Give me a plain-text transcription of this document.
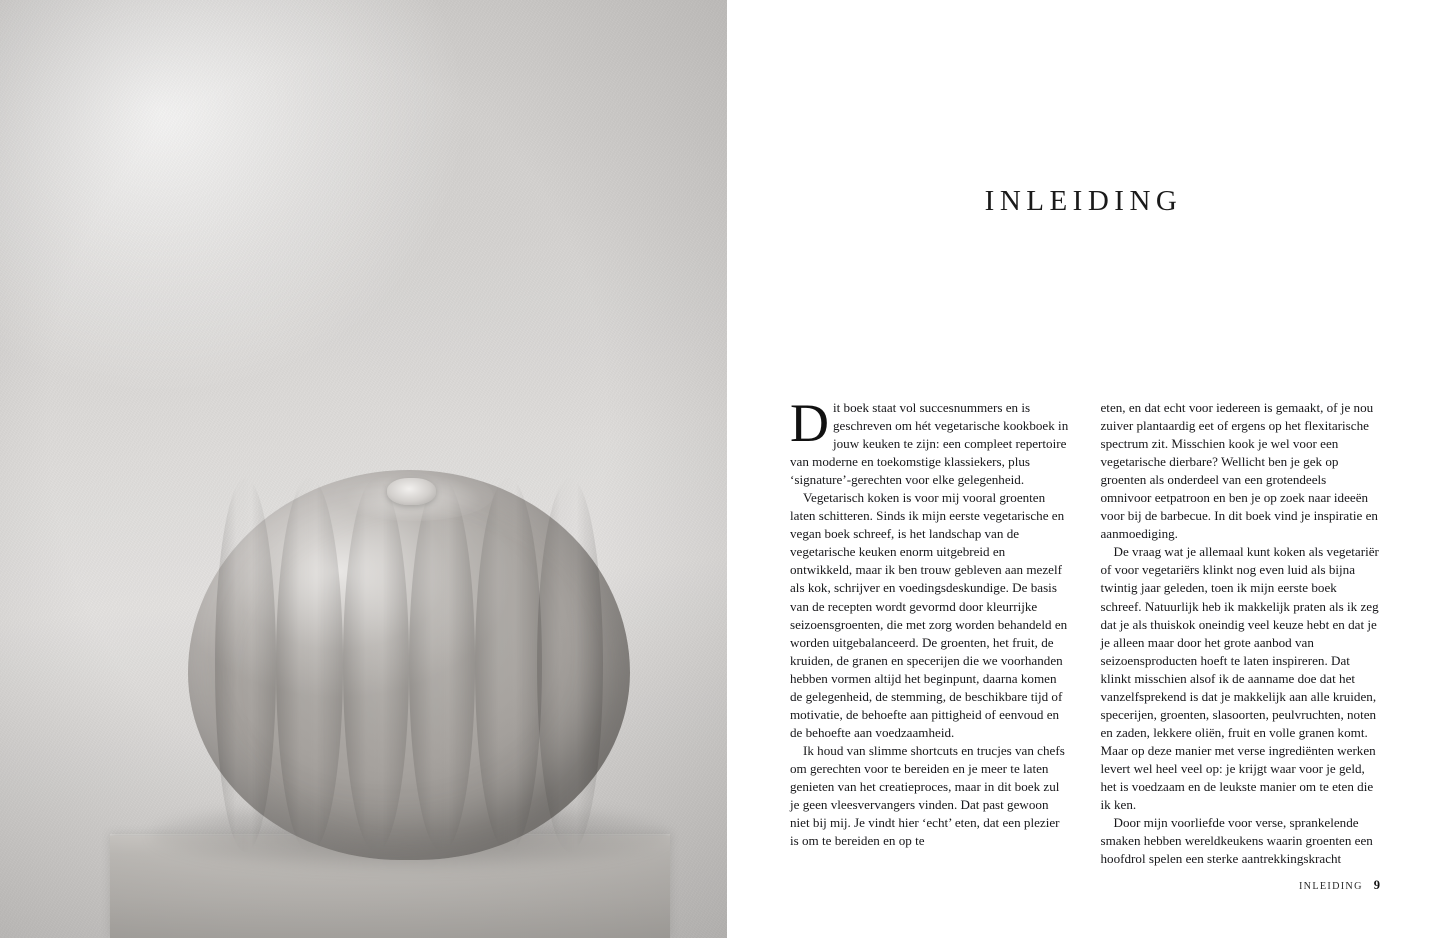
INLEIDING

Dit boek staat vol succesnummers en is geschreven om hét vegetarische kookboek in jouw keuken te zijn: een compleet repertoire van moderne en toekomstige klassiekers, plus ‘signature’-gerechten voor elke gelegenheid.

Vegetarisch koken is voor mij vooral groenten laten schitteren. Sinds ik mijn eerste vegetarische en vegan boek schreef, is het landschap van de vegetarische keuken enorm uitgebreid en ontwikkeld, maar ik ben trouw gebleven aan mezelf als kok, schrijver en voedingsdeskundige. De basis van de recepten wordt gevormd door kleurrijke seizoensgroenten, die met zorg worden behandeld en worden uitgebalanceerd. De groenten, het fruit, de kruiden, de granen en specerijen die we voorhanden hebben vormen altijd het beginpunt, daarna komen de gelegenheid, de stemming, de beschikbare tijd of motivatie, de behoefte aan pittigheid of eenvoud en de behoefte aan voedzaamheid.

Ik houd van slimme shortcuts en trucjes van chefs om gerechten voor te bereiden en je meer te laten genieten van het creatieproces, maar in dit boek zul je geen vleesvervangers vinden. Dat past gewoon niet bij mij. Je vindt hier ‘echt’ eten, dat een plezier is om te bereiden en op te

eten, en dat echt voor iedereen is gemaakt, of je nou zuiver plantaardig eet of ergens op het flexitarische spectrum zit. Misschien kook je wel voor een vegetarische dierbare? Wellicht ben je gek op groenten als onderdeel van een grotendeels omnivoor eetpatroon en ben je op zoek naar ideeën voor bij de barbecue. In dit boek vind je inspiratie en aanmoediging.

De vraag wat je allemaal kunt koken als vegetariër of voor vegetariërs klinkt nog even luid als bijna twintig jaar geleden, toen ik mijn eerste boek schreef. Natuurlijk heb ik makkelijk praten als ik zeg dat je als thuiskok oneindig veel keuze hebt en dat je je alleen maar door het grote aanbod van seizoensproducten hoeft te laten inspireren. Dat klinkt misschien alsof ik de aanname doe dat het vanzelfsprekend is dat je makkelijk aan alle kruiden, specerijen, groenten, slasoorten, peulvruchten, noten en zaden, lekkere oliën, fruit en volle granen komt. Maar op deze manier met verse ingrediënten werken levert wel heel veel op: je krijgt waar voor je geld, het is voedzaam en de leukste manier om te eten die ik ken.

Door mijn voorliefde voor verse, sprankelende smaken hebben wereldkeukens waarin groenten een hoofdrol spelen een sterke aantrekkingskracht

INLEIDING 9
